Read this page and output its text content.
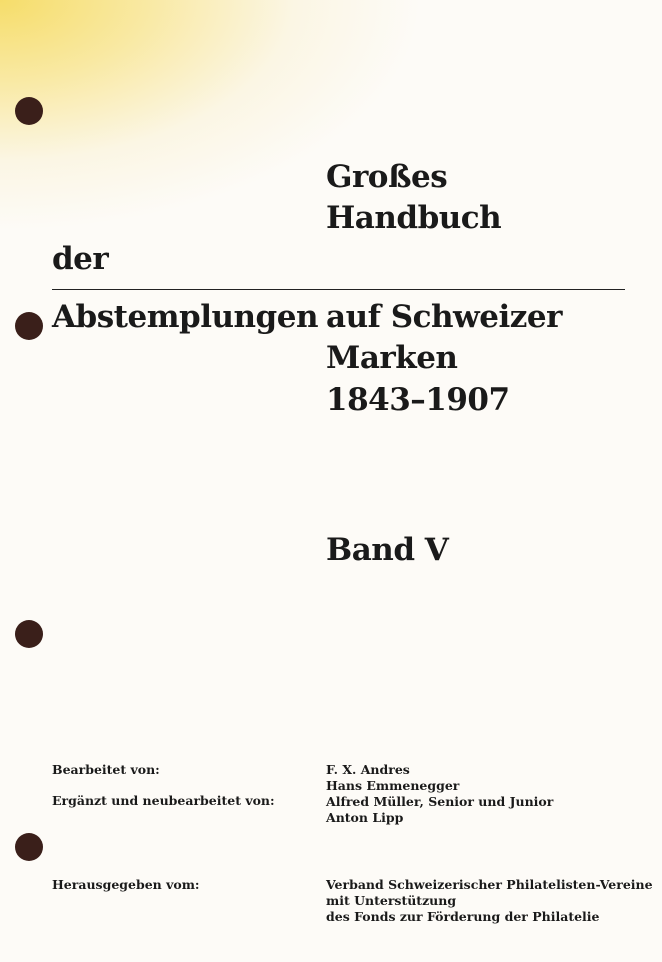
Großes
Handbuch
der
Abstemplungen auf Schweizer
Marken
1843–1907
Band V
Bearbeitet von:
Ergänzt und neubearbeitet von:
F. X. Andres
Hans Emmenegger
Alfred Müller, Senior und Junior
Anton Lipp
Herausgegeben vom:	Verband Schweizerischer Philatelisten-Vereine
mit Unterstützung
des Fonds zur Förderung der Philatelie
